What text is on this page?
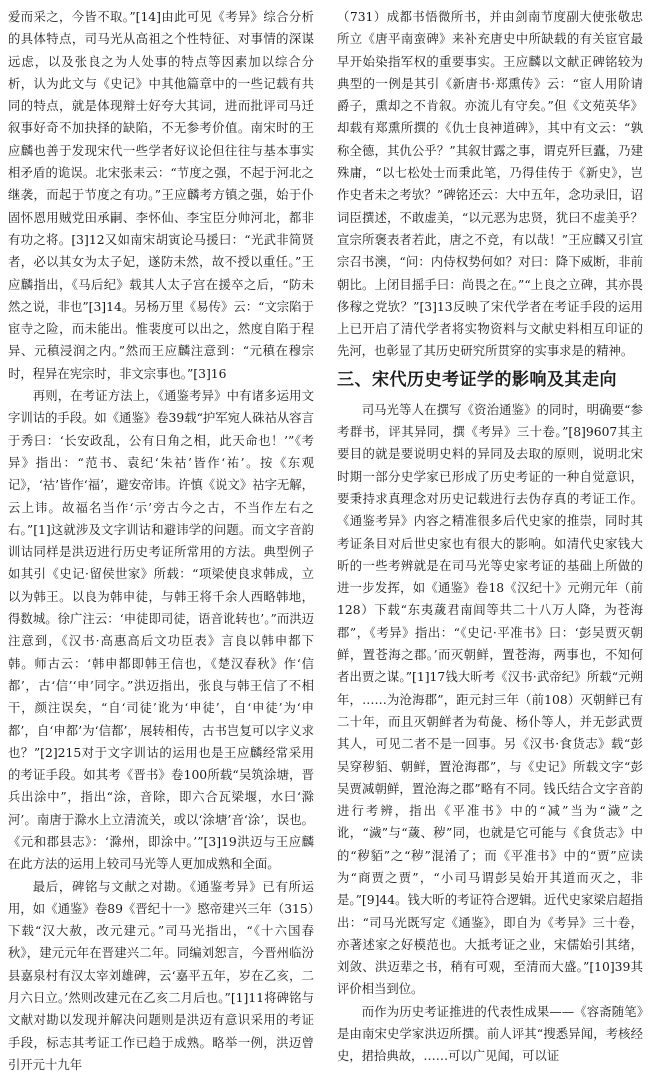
爱而采之，今皆不取。”[14]由此可见《考异》综合分析的具体特点，司马光从高祖之个性特征、对事情的深谋远虑，以及张良之为人处事的特点等因素加以综合分析，认为此文与《史记》中其他篇章中的一些记载有共同的特点，就是体现辩士好夸大其词，进而批评司马迁叙事好奇不加抉择的缺陷，不无参考价值。南宋时的王应麟也善于发现宋代一些学者好议论但往往与基本事实相矛盾的诡误。北宋张耒云：“节度之强，不起于河北之继袭，而起于节度之有功。”王应麟考方镇之强，始于仆固怀恩用贼党田承嗣、李怀仙、李宝臣分帅河北，都非有功之将。[3]12又如南宋胡寅论马援曰：“光武非简贤者，必以其女为太子妃，遂防未然，故不授以重任。”王应麟指出，《马后纪》载其人太子宫在援卒之后，“防未然之说，非也”[3]14。另杨万里《易传》云：“文宗陷于宦寺之险，而未能出。惟裴度可以出之，然度自陷于程异、元稹浸润之内。”然而王应麟注意到：“元稹在穆宗时，程异在宪宗时，非文宗事也。”[3]16

再则，在考证方法上，《通鉴考异》中有诸多运用文字训诂的手段。如《通鉴》卷39载“护军宛人硃祜从容言于秀曰：‘长安政乱，公有日角之相，此天命也！’”《考异》指出：“范书、袁纪‘朱祜’皆作‘祐’。按《东观记》，‘祜’皆作‘福’，避安帝讳。许慎《说文》祜字无解，云上讳。故福名当作‘示’旁古今之古，不当作左右之右。”[1]这就涉及文字训诂和避讳学的问题。而文字音韵训诂同样是洪迈进行历史考证所常用的方法。典型例子如其引《史记·留侯世家》所载：“项梁使良求韩成，立以为韩王。以良为韩申徒，与韩王将千余人西略韩地，得数城。徐广注云：‘申徒即司徒，语音讹转也’。”而洪迈注意到，《汉书·高惠高后文功臣表》言良以韩申都下韩。师古云：‘韩申都即韩王信也，《楚汉春秋》作‘信都’，古‘信’‘申’同字。”洪迈指出，张良与韩王信了不相干，颜注误矣，“自‘司徒’讹为‘申徒’，自‘申徒’为‘申都’，自‘申都’为‘信都’，展转相传，古书岂复可以字义求也？”[2]215对于文字训诂的运用也是王应麟经常采用的考证手段。如其考《晋书》卷100所载“吴筑涂塘，晋兵出涂中”，指出“涂，音除，即六合瓦梁堰，水曰‘滁河’。南唐于滁水上立清流关，或以‘涂塘’音‘涂’，误也。《元和郡县志》：‘滁州，即涂中。’”[3]19洪迈与王应麟在此方法的运用上较司马光等人更加成熟和全面。

最后，碑铭与文献之对勘。《通鉴考异》已有所运用，如《通鉴》卷89《晋纪十一》愍帝建兴三年（315）下载“汉大赦，改元建元。”司马光指出，“《十六国春秋》，建元元年在晋建兴二年。同编刘恕言，今晋州临汾县嘉泉村有汉太宰刘雄碑，云‘嘉平五年，岁在乙亥，二月六日立。’然则改建元在乙亥二月后也。”[1]11将碑铭与文献对勘以发现并解决问题则是洪迈有意识采用的考证手段，标志其考证工作已趋于成熟。略举一例，洪迈曾引开元十九年

（731）成都书悟微所书，并由剑南节度副大使张敬忠所立《唐平南蛮碑》来补充唐史中所缺载的有关宦官最早开始染指军权的重要事实。王应麟以文献正碑铭较为典型的一例是其引《新唐书·郑熏传》云：“宦人用阶请爵子，熏却之不肯叙。亦流儿有守矣。”但《文苑英华》却载有郑熏所撰的《仇士良神道碑》，其中有文云：“孰称全德，其仇公乎？”其叙甘露之事，谓克歼巨蠹，乃建殊庸，“以七松处士而秉此笔，乃得佳传于《新史》，岂作史者未之考欤？”碑铭还云：大中五年，念功录旧，诏词臣撰述，不敢虚美，“以元恶为忠贤，犹曰不虚美乎？宣宗所褒表者若此，唐之不竞，有以哉！”王应麟又引宣宗召书澳，“问：内侍权势何如？对曰：降下威断，非前朝比。上闭目摇手曰：尚畏之在。”“上良之立碑，其亦畏侈稼之党欤？”[3]13反映了宋代学者在考证手段的运用上已开启了清代学者将实物资料与文献史料相互印证的先河，也彰显了其历史研究所贯穿的实事求是的精神。

三、宋代历史考证学的影响及其走向

司马光等人在撰写《资治通鉴》的同时，明确要“参考群书，评其异同，撰《考异》三十卷。”[8]9607其主要目的就是要说明史料的异同及去取的原则，说明北宋时期一部分史学家已形成了历史考证的一种自觉意识，要秉持求真理念对历史记载进行去伪存真的考证工作。《通鉴考异》内容之精准很多后代史家的推崇，同时其考证条目对后世史家也有很大的影响。如清代史家钱大昕的一些考辨就是在司马光等史家考证的基础上所做的进一步发挥，如《通鉴》卷18《汉纪十》元朔元年（前128）下载“东夷薉君南闾等共二十八万人降，为苍海郡”，《考异》指出：“《史记·平准书》曰：‘彭吴贾灭朝鲜，置苍海之郡。’而灭朝鲜，置苍海，两事也，不知何者出贾之谋。”[1]17钱大昕考《汉书·武帝纪》所载“元朔年，……为沧海郡”，距元封三年（前108）灭朝鲜已有二十年，而且灭朝鲜者为荀彘、杨仆等人，并无彭武贾其人，可见二者不是一回事。另《汉书·食货志》载“彭吴穿秽貊、朝鲜，置沧海郡”，与《史记》所载文字“彭吴贾减朝鲜，置沧海之郡”略有不同。钱氏结合文字音韵进行考辨，指出《平准书》中的“减”当为“濊”之讹，“濊”与“薉、秽”同，也就是它可能与《食货志》中的“秽貊”之“秽”混淆了；而《平准书》中的“贾”应读为“商贾之贾”，“小司马谓彭吴始开其道而灭之，非是。”[9]44。钱大昕的考证符合逻辑。近代史家梁启超指出：“司马光既写定《通鉴》，即自为《考异》三十卷，亦著述家之好模范也。大抵考证之业，宋儒始引其绪，刘敛、洪迈辈之书，稍有可观，至清而大盛。”[10]39其评价相当到位。

而作为历史考证推进的代表性成果——《容斋随笔》是由南宋史学家洪迈所撰。前人评其“搜悉异闻，考核经史，捃拾典故，……可以广见闻，可以证
